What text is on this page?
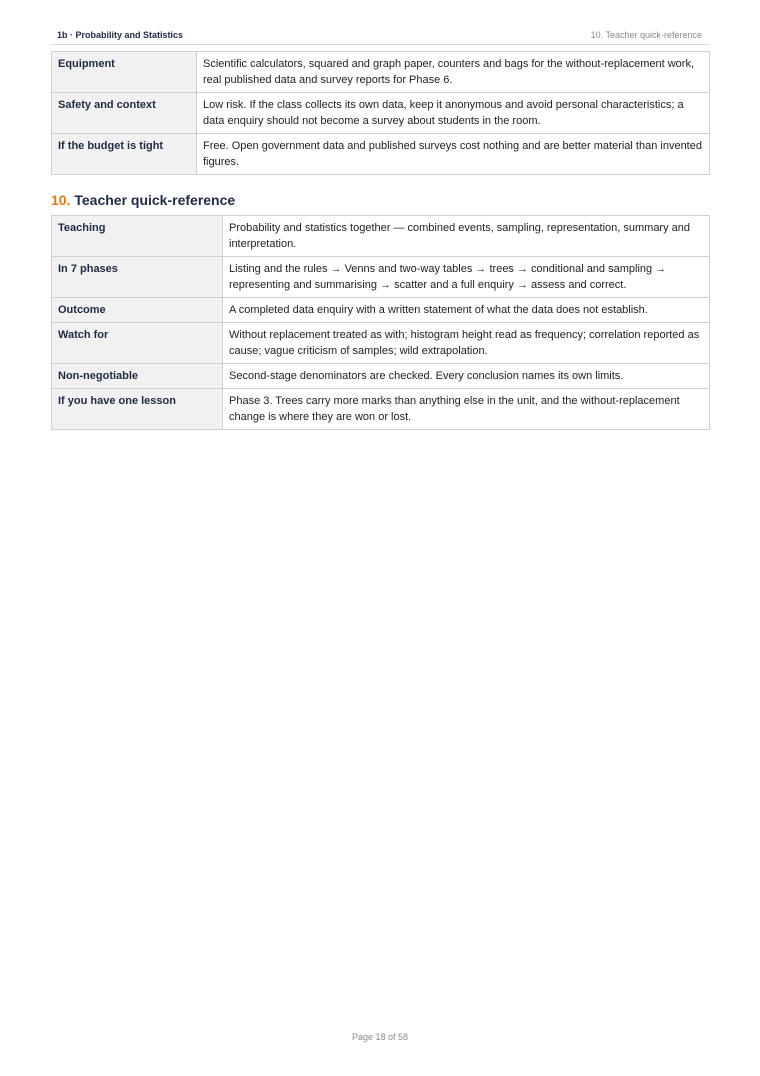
1b · Probability and Statistics	10. Teacher quick-reference
Equipment	Scientific calculators, squared and graph paper, counters and bags for the without-replacement work, real published data and survey reports for Phase 6.
Safety and context	Low risk. If the class collects its own data, keep it anonymous and avoid personal characteristics; a data enquiry should not become a survey about students in the room.
If the budget is tight	Free. Open government data and published surveys cost nothing and are better material than invented figures.
10. Teacher quick-reference
Teaching	Probability and statistics together — combined events, sampling, representation, summary and interpretation.
In 7 phases	Listing and the rules → Venns and two-way tables → trees → conditional and sampling → representing and summarising → scatter and a full enquiry → assess and correct.
Outcome	A completed data enquiry with a written statement of what the data does not establish.
Watch for	Without replacement treated as with; histogram height read as frequency; correlation reported as cause; vague criticism of samples; wild extrapolation.
Non-negotiable	Second-stage denominators are checked. Every conclusion names its own limits.
If you have one lesson	Phase 3. Trees carry more marks than anything else in the unit, and the without-replacement change is where they are won or lost.
Page 18 of 58
